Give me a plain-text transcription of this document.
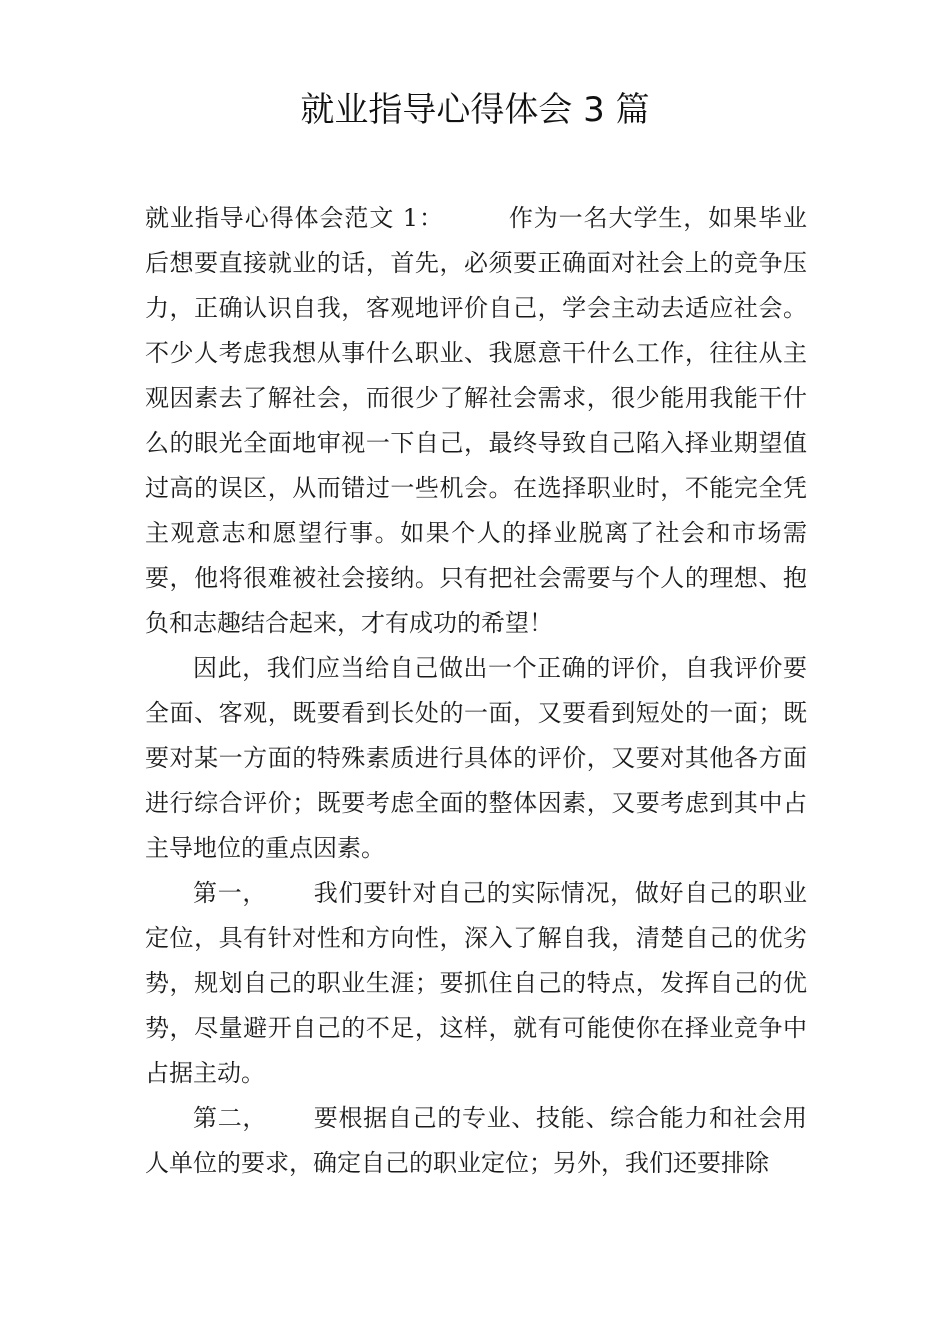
就业指导心得体会 3 篇

就业指导心得体会范文 1：	作为一名大学生，如果毕业后想要直接就业的话，首先，必须要正确面对社会上的竞争压力，正确认识自我，客观地评价自己，学会主动去适应社会。不少人考虑我想从事什么职业、我愿意干什么工作，往往从主观因素去了解社会，而很少了解社会需求，很少能用我能干什么的眼光全面地审视一下自己，最终导致自己陷入择业期望值过高的误区，从而错过一些机会。在选择职业时，不能完全凭主观意志和愿望行事。如果个人的择业脱离了社会和市场需要，他将很难被社会接纳。只有把社会需要与个人的理想、抱负和志趣结合起来，才有成功的希望！

因此，我们应当给自己做出一个正确的评价，自我评价要全面、客观，既要看到长处的一面，又要看到短处的一面；既要对某一方面的特殊素质进行具体的评价，又要对其他各方面进行综合评价；既要考虑全面的整体因素，又要考虑到其中占主导地位的重点因素。

第一， 我们要针对自己的实际情况，做好自己的职业定位，具有针对性和方向性，深入了解自我，清楚自己的优劣势，规划自己的职业生涯；要抓住自己的特点，发挥自己的优势，尽量避开自己的不足，这样，就有可能使你在择业竞争中占据主动。

第二， 要根据自己的专业、技能、综合能力和社会用人单位的要求，确定自己的职业定位；另外，我们还要排除
